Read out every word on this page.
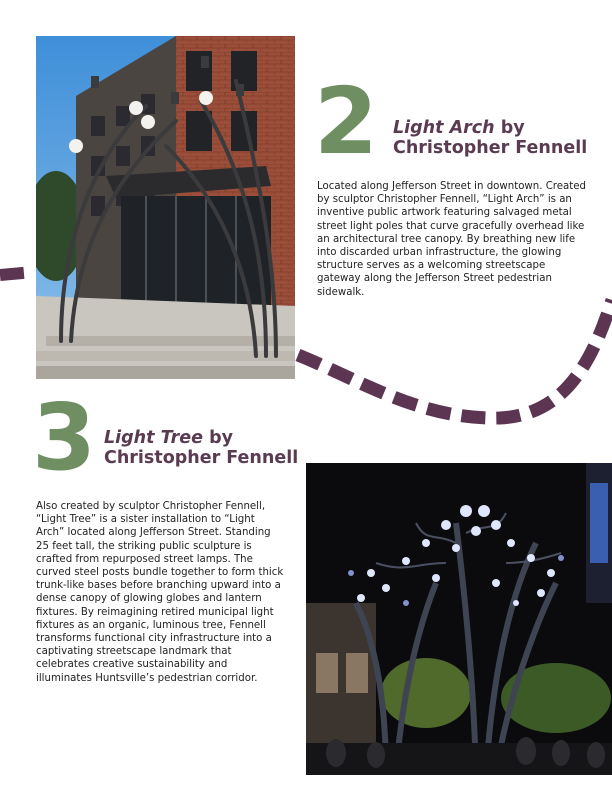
2 Light Arch by
Christopher Fennell
Located along Jefferson Street in downtown. Created by sculptor Christopher Fennell, “Light Arch” is an inventive public artwork featuring salvaged metal street light poles that curve gracefully overhead like an architectural tree canopy. By breathing new life into discarded urban infrastructure, the glowing structure serves as a welcoming streetscape gateway along the Jefferson Street pedestrian sidewalk.
3 Light Tree by
Christopher Fennell
Also created by sculptor Christopher Fennell, “Light Tree” is a sister installation to “Light Arch” located along Jefferson Street. Standing 25 feet tall, the striking public sculpture is crafted from repurposed street lamps. The curved steel posts bundle together to form thick trunk-like bases before branching upward into a dense canopy of glowing globes and lantern fixtures. By reimagining retired municipal light fixtures as an organic, luminous tree, Fennell transforms functional city infrastructure into a captivating streetscape landmark that celebrates creative sustainability and illuminates Huntsville’s pedestrian corridor.
